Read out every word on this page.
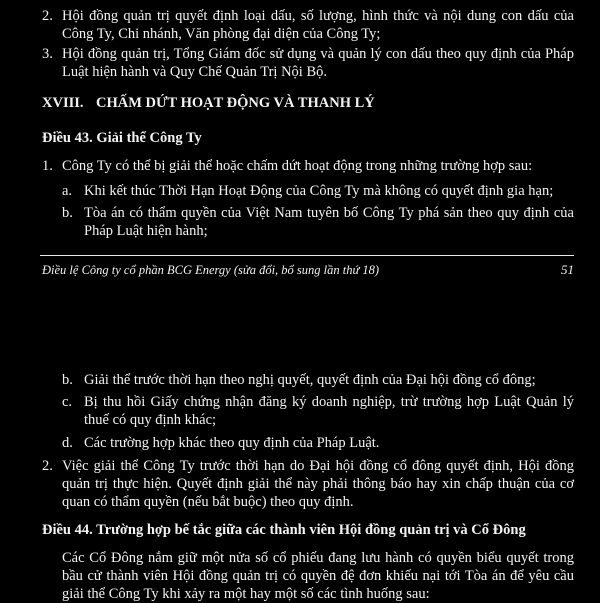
2. Hội đồng quản trị quyết định loại dấu, số lượng, hình thức và nội dung con dấu của Công Ty, Chi nhánh, Văn phòng đại diện của Công Ty;
3. Hội đồng quản trị, Tổng Giám đốc sử dụng và quản lý con dấu theo quy định của Pháp Luật hiện hành và Quy Chế Quản Trị Nội Bộ.
XVIII. CHẤM DỨT HOẠT ĐỘNG VÀ THANH LÝ
Điều 43. Giải thể Công Ty
1. Công Ty có thể bị giải thể hoặc chấm dứt hoạt động trong những trường hợp sau:
a. Khi kết thúc Thời Hạn Hoạt Động của Công Ty mà không có quyết định gia hạn;
b. Tòa án có thẩm quyền của Việt Nam tuyên bố Công Ty phá sản theo quy định của Pháp Luật hiện hành;
Điều lệ Công ty cổ phần BCG Energy (sửa đổi, bổ sung lần thứ 18)	51
b. Giải thể trước thời hạn theo nghị quyết, quyết định của Đại hội đồng cổ đông;
c. Bị thu hồi Giấy chứng nhận đăng ký doanh nghiệp, trừ trường hợp Luật Quản lý thuế có quy định khác;
d. Các trường hợp khác theo quy định của Pháp Luật.
2. Việc giải thể Công Ty trước thời hạn do Đại hội đồng cổ đông quyết định, Hội đồng quản trị thực hiện. Quyết định giải thể này phải thông báo hay xin chấp thuận của cơ quan có thẩm quyền (nếu bắt buộc) theo quy định.
Điều 44. Trường hợp bế tắc giữa các thành viên Hội đồng quản trị và Cổ Đông
Các Cổ Đông nắm giữ một nửa số cổ phiếu đang lưu hành có quyền biểu quyết trong bầu cử thành viên Hội đồng quản trị có quyền đệ đơn khiếu nại tới Tòa án để yêu cầu giải thể Công Ty khi xảy ra một hay một số các tình huống sau:
